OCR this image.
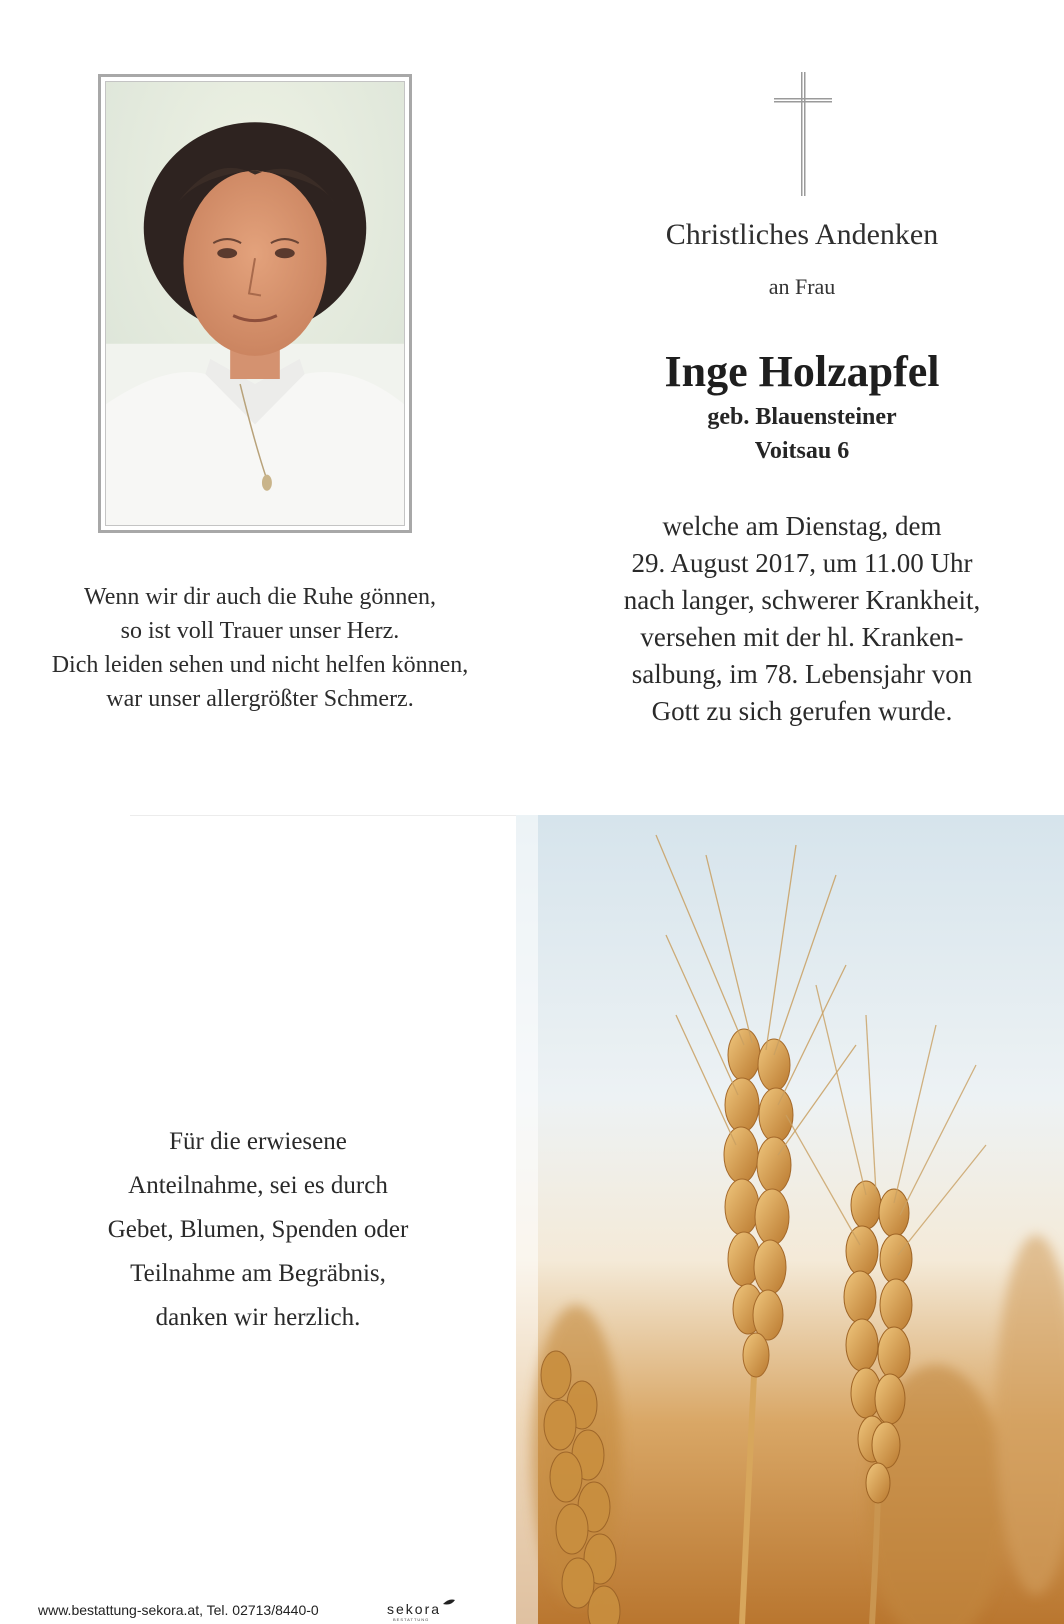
Wenn wir dir auch die Ruhe gönnen,
so ist voll Trauer unser Herz.
Dich leiden sehen und nicht helfen können,
war unser allergrößter Schmerz.
Christliches Andenken
an Frau
Inge Holzapfel
geb. Blauensteiner
Voitsau 6
welche am Dienstag, dem
29. August 2017, um 11.00 Uhr
nach langer, schwerer Krankheit,
versehen mit der hl. Kranken-
salbung, im 78. Lebensjahr von
Gott zu sich gerufen wurde.
Für die erwiesene
Anteilnahme, sei es durch
Gebet, Blumen, Spenden oder
Teilnahme am Begräbnis,
danken wir herzlich.
www.bestattung-sekora.at, Tel. 02713/8440-0	sekora
BESTATTUNG
